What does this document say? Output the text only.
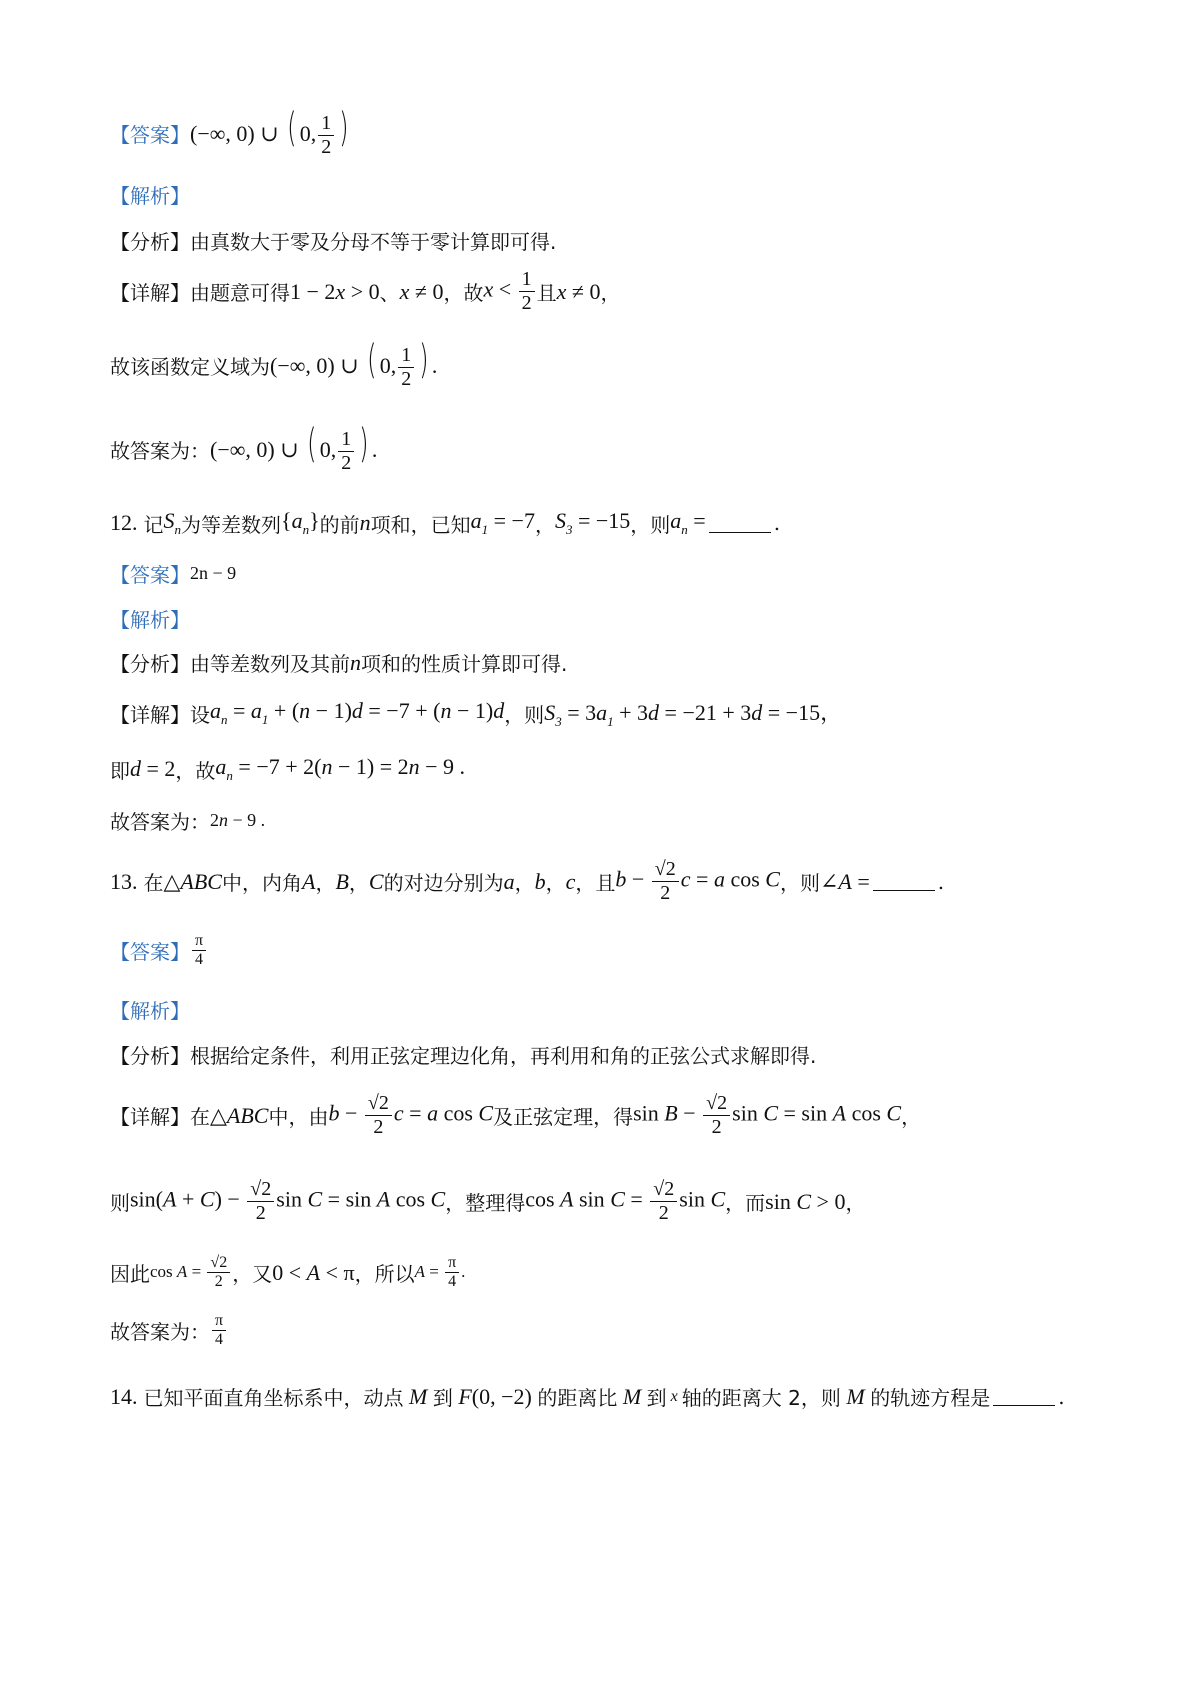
【答案】 (−∞, 0) ∪ ( 0, $\frac{1}{2}$ )
【解析】
【分析】 由真数大于零及分母不等于零计算即可得.
【详解】 由题意可得 1 − 2x > 0 、 x ≠ 0 ，故 $x < \frac{1}{2}$ 且 x ≠ 0 ，
故该函数定义域为 (−∞, 0) ∪ ( 0, $\frac{1}{2}$ ) .
故答案为： (−∞, 0) ∪ ( 0, $\frac{1}{2}$ ) .
12. 记 $S_n$ 为等差数列 $\{a_n\}$ 的前 n 项和，已知 $a_1 = -7$ ， $S_3 = -15$ ，则 $a_n$ =	.
【答案】 2n − 9
【解析】
【分析】 由等差数列及其前 n 项和的性质计算即可得.
【详解】 设 $a_n = a_1 + (n - 1)d = -7 + (n - 1)d$ ，则 $S_3 = 3a_1 + 3d = -21 + 3d = -15$，
即 d = 2 ，故 $a_n = -7 + 2(n - 1) = 2n - 9$ .
故答案为： 2n − 9 .
13. 在 △ABC 中，内角 A ， B ， C 的对边分别为 a ， b ， c ，且 $b - \frac{√2}{2}$ c = a cos C ，则 ∠A =	.
【答案】 $\frac{\pi}{4}$
【解析】
【分析】 根据给定条件，利用正弦定理边化角，再利用和角的正弦公式求解即得.
【详解】 在 △ABC 中，由 $b - \frac{√2}{2}$ c = a cos C 及正弦定理，得 $\sin B - \frac{√2}{2}$ sin C = sin A cos C ，
则 $\sin(A + C) - \frac{√2}{2}$ sin C = sin A cos C ，整理得 cos A $\sin C = \frac{√2}{2}$ sin C ，而 sin C > 0 ，
因此 $\cos A = \frac{√2}{2}$ ，又 0 < A < π ，所以 $A = \frac{\pi}{4}$ .
故答案为： $\frac{\pi}{4}$
14. 已知平面直角坐标系中，动点 M 到 F(0, −2) 的距离比 M 到 x 轴的距离大 2，则 M 的轨迹方程是	.
